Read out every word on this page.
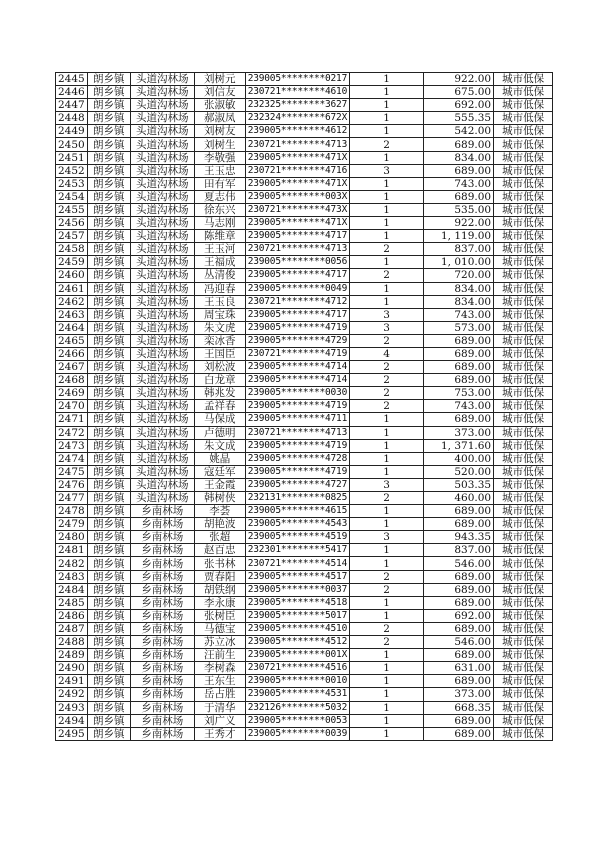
2445	朗乡镇	头道沟林场	刘树元	239005********0217	1	922.00	城市低保
2446	朗乡镇	头道沟林场	刘信友	230721********4610	1	675.00	城市低保
2447	朗乡镇	头道沟林场	张淑敏	232325********3627	1	692.00	城市低保
2448	朗乡镇	头道沟林场	郝淑凤	232324********672X	1	555.35	城市低保
2449	朗乡镇	头道沟林场	刘树友	239005********4612	1	542.00	城市低保
2450	朗乡镇	头道沟林场	刘树生	230721********4713	2	689.00	城市低保
2451	朗乡镇	头道沟林场	李敬强	239005********471X	1	834.00	城市低保
2452	朗乡镇	头道沟林场	王玉忠	230721********4716	3	689.00	城市低保
2453	朗乡镇	头道沟林场	田有军	239005********471X	1	743.00	城市低保
2454	朗乡镇	头道沟林场	夏志伟	239005********003X	1	689.00	城市低保
2455	朗乡镇	头道沟林场	徐东兴	230721********473X	1	535.00	城市低保
2456	朗乡镇	头道沟林场	马志刚	239005********471X	1	922.00	城市低保
2457	朗乡镇	头道沟林场	陈维章	239005********4717	1	1, 119.00	城市低保
2458	朗乡镇	头道沟林场	王玉河	230721********4713	2	837.00	城市低保
2459	朗乡镇	头道沟林场	王福成	239005********0056	1	1, 010.00	城市低保
2460	朗乡镇	头道沟林场	丛清俊	239005********4717	2	720.00	城市低保
2461	朗乡镇	头道沟林场	冯迎春	239005********0049	1	834.00	城市低保
2462	朗乡镇	头道沟林场	王玉良	230721********4712	1	834.00	城市低保
2463	朗乡镇	头道沟林场	周宝珠	239005********4717	3	743.00	城市低保
2464	朗乡镇	头道沟林场	朱文虎	239005********4719	3	573.00	城市低保
2465	朗乡镇	头道沟林场	栾冰香	239005********4729	2	689.00	城市低保
2466	朗乡镇	头道沟林场	王国臣	230721********4719	4	689.00	城市低保
2467	朗乡镇	头道沟林场	刘松波	239005********4714	2	689.00	城市低保
2468	朗乡镇	头道沟林场	白龙章	239005********4714	2	689.00	城市低保
2469	朗乡镇	头道沟林场	韩兆发	239005********0030	2	753.00	城市低保
2470	朗乡镇	头道沟林场	孟祥春	239005********4719	2	743.00	城市低保
2471	朗乡镇	头道沟林场	马保成	239005********4711	1	689.00	城市低保
2472	朗乡镇	头道沟林场	卢德明	230721********4713	1	373.00	城市低保
2473	朗乡镇	头道沟林场	朱文成	239005********4719	1	1, 371.60	城市低保
2474	朗乡镇	头道沟林场	姚晶	239005********4728	1	400.00	城市低保
2475	朗乡镇	头道沟林场	寇廷军	239005********4719	1	520.00	城市低保
2476	朗乡镇	头道沟林场	王金霞	239005********4727	3	503.35	城市低保
2477	朗乡镇	头道沟林场	韩树侠	232131********0825	2	460.00	城市低保
2478	朗乡镇	乡南林场	李荟	239005********4615	1	689.00	城市低保
2479	朗乡镇	乡南林场	胡艳波	239005********4543	1	689.00	城市低保
2480	朗乡镇	乡南林场	张超	239005********4519	3	943.35	城市低保
2481	朗乡镇	乡南林场	赵百忠	232301********5417	1	837.00	城市低保
2482	朗乡镇	乡南林场	张书林	230721********4514	1	546.00	城市低保
2483	朗乡镇	乡南林场	贾春阳	239005********4517	2	689.00	城市低保
2484	朗乡镇	乡南林场	胡铁纲	239005********0037	2	689.00	城市低保
2485	朗乡镇	乡南林场	李永康	239005********4518	1	689.00	城市低保
2486	朗乡镇	乡南林场	张树臣	239005********5017	1	692.00	城市低保
2487	朗乡镇	乡南林场	马德宝	239005********4510	2	689.00	城市低保
2488	朗乡镇	乡南林场	苏立冰	239005********4512	2	546.00	城市低保
2489	朗乡镇	乡南林场	汪前生	239005********001X	1	689.00	城市低保
2490	朗乡镇	乡南林场	李树森	230721********4516	1	631.00	城市低保
2491	朗乡镇	乡南林场	王东生	239005********0010	1	689.00	城市低保
2492	朗乡镇	乡南林场	岳占胜	239005********4531	1	373.00	城市低保
2493	朗乡镇	乡南林场	于清华	232126********5032	1	668.35	城市低保
2494	朗乡镇	乡南林场	刘广义	239005********0053	1	689.00	城市低保
2495	朗乡镇	乡南林场	王秀才	239005********0039	1	689.00	城市低保
